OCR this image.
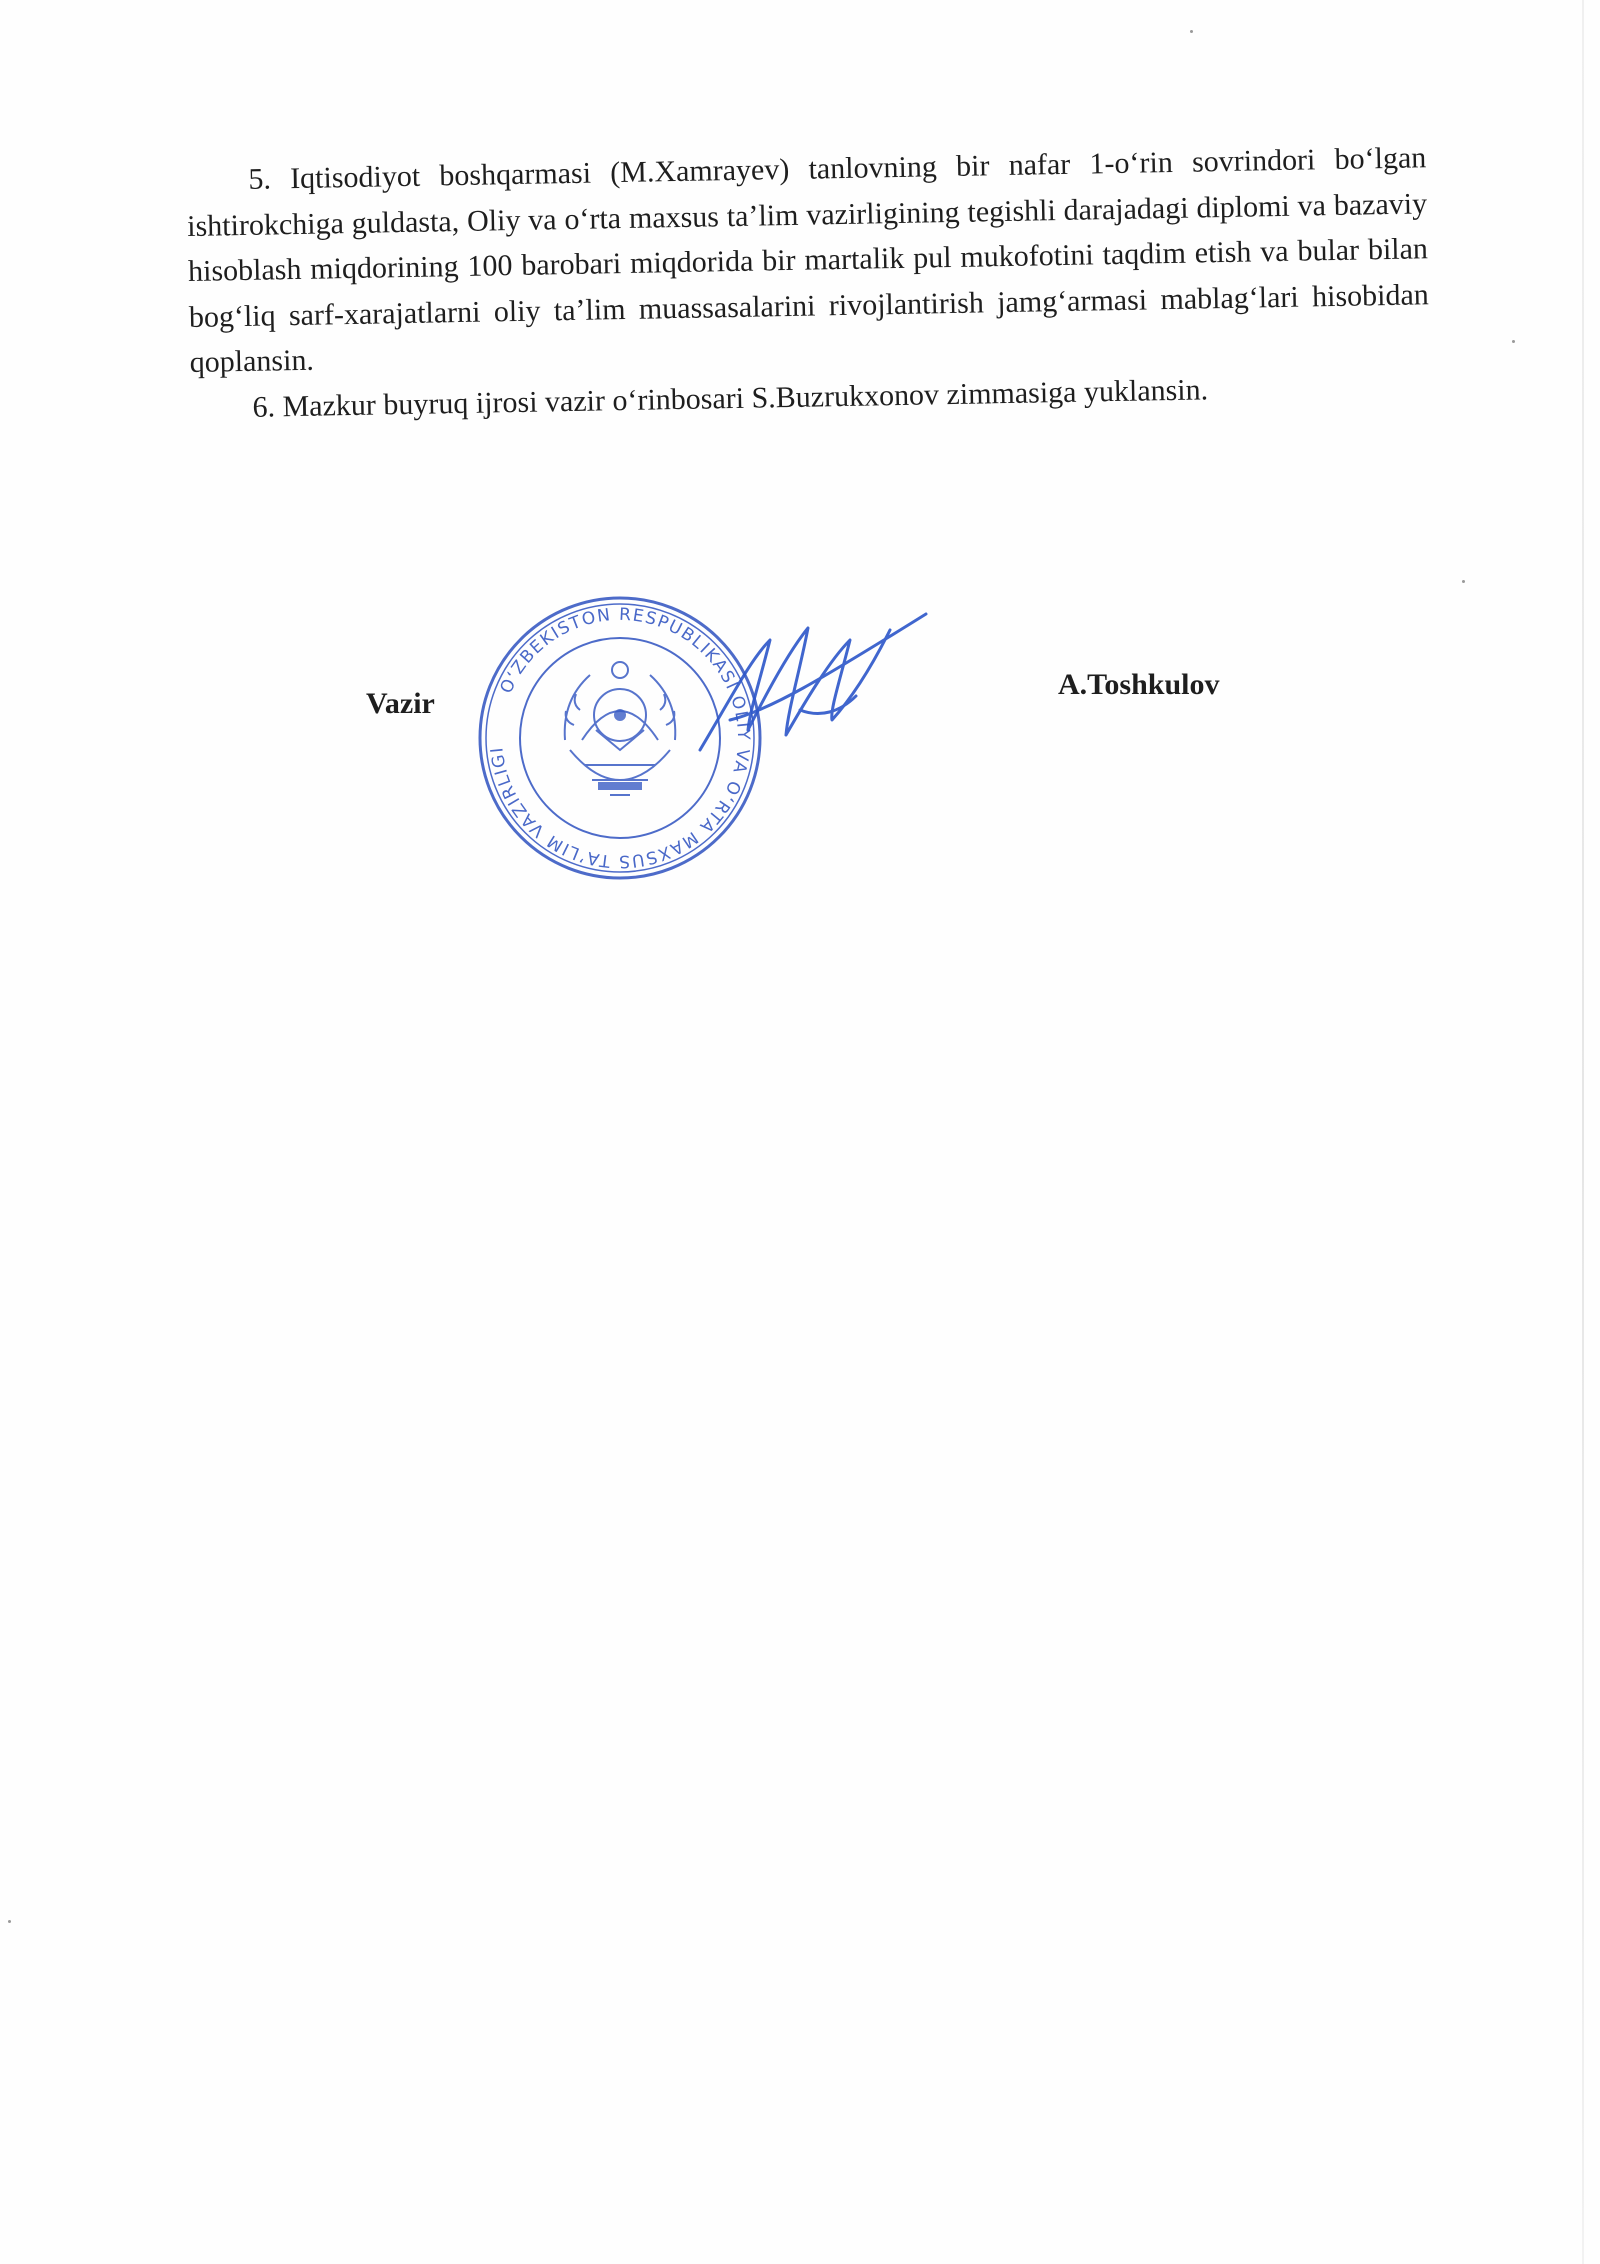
5. Iqtisodiyot boshqarmasi (M.Xamrayev) tanlovning bir nafar 1-o‘rin sovrindori bo‘lgan ishtirokchiga guldasta, Oliy va o‘rta maxsus ta’lim vazirligining tegishli darajadagi diplomi va bazaviy hisoblash miqdorining 100 barobari miqdorida bir martalik pul mukofotini taqdim etish va bular bilan bog‘liq sarf-xarajatlarni oliy ta’lim muassasalarini rivojlantirish jamg‘armasi mablag‘lari hisobidan qoplansin.

6. Mazkur buyruq ijrosi vazir o‘rinbosari S.Buzrukxonov zimmasiga yuklansin.

Vazir
O‘ZBEKISTON RESPUBLIKASI OLIY VA O‘RTA MAXSUS TA’LIM VAZIRLIGI
A.Toshkulov
